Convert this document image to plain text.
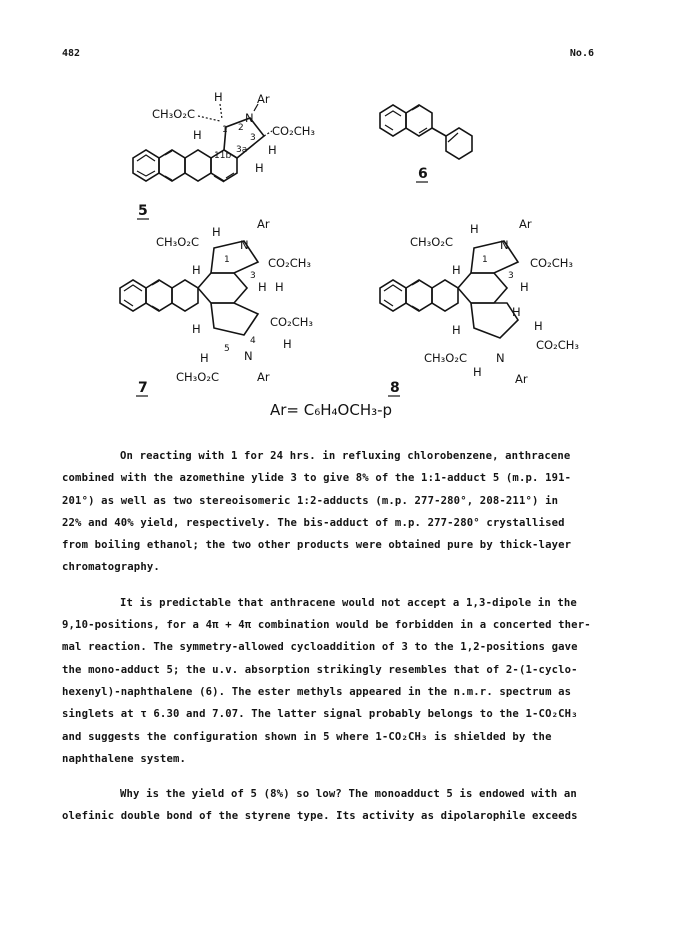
482	No.6
CH₃O₂C
H
N
Ar
CO₂CH₃
H
H
H
1 2
3
3a
11b
5
6
CH₃O₂C
H
N
Ar
CO₂CH₃
H
H H
H	CO₂CH₃
H
H	N
CH₃O₂C	Ar
1
3
4
5
7
CH₃O₂C
H
N
Ar
CO₂CH₃
H
H
H
H	H
CO₂CH₃
N
CH₃O₂C
H	Ar
1
3
8
Ar= C₆H₄OCH₃-p

On reacting with 1 for 24 hrs. in refluxing chlorobenzene, anthracene
combined with the azomethine ylide 3 to give 8% of the 1:1-adduct 5 (m.p. 191-
201°) as well as two stereoisomeric 1:2-adducts (m.p. 277-280°, 208-211°) in
22% and 40% yield, respectively. The bis-adduct of m.p. 277-280° crystallised
from boiling ethanol; the two other products were obtained pure by thick-layer
chromatography.

It is predictable that anthracene would not accept a 1,3-dipole in the
9,10-positions, for a 4π + 4π combination would be forbidden in a concerted ther-
mal reaction. The symmetry-allowed cycloaddition of 3 to the 1,2-positions gave
the mono-adduct 5; the u.v. absorption strikingly resembles that of 2-(1-cyclo-
hexenyl)-naphthalene (6). The ester methyls appeared in the n.m.r. spectrum as
singlets at τ 6.30 and 7.07. The latter signal probably belongs to the 1-CO₂CH₃
and suggests the configuration shown in 5 where 1-CO₂CH₃ is shielded by the
naphthalene system.

Why is the yield of 5 (8%) so low? The monoadduct 5 is endowed with an
olefinic double bond of the styrene type. Its activity as dipolarophile exceeds
